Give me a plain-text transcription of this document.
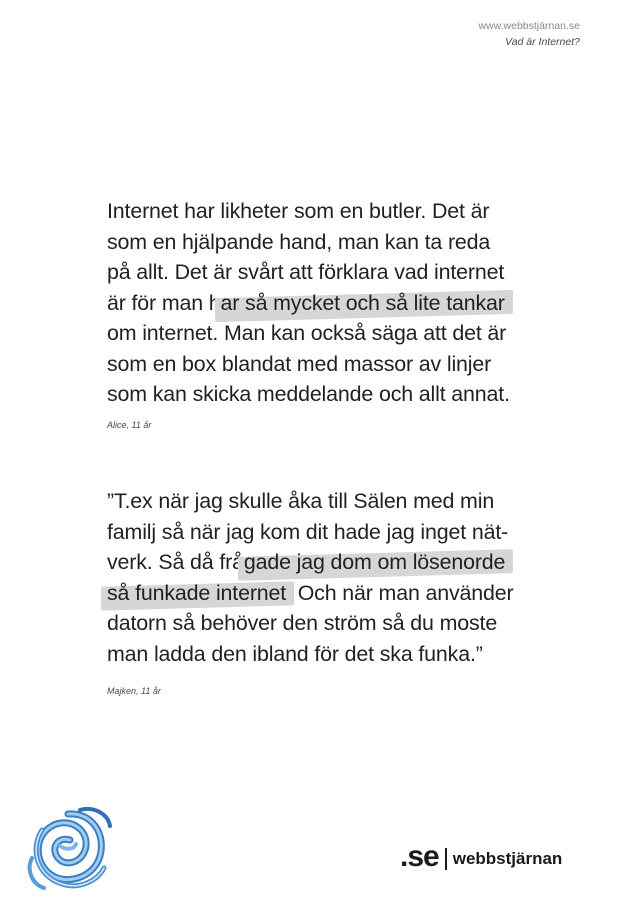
www.webbstjärnan.se
Vad är Internet?
Internet har likheter som en butler. Det är
som en hjälpande hand, man kan ta reda
på allt. Det är svårt att förklara vad internet
är för man har så mycket och så lite tankar
om internet. Man kan också säga att det är
som en box blandat med massor av linjer
som kan skicka meddelande och allt annat.
Alice, 11 år
”T.ex när jag skulle åka till Sälen med min
familj så när jag kom dit hade jag inget nät-
verk. Så då frågade jag dom om lösenorde
så funkade internet. Och när man använder
datorn så behöver den ström så du moste
man ladda den ibland för det ska funka.”
Majken, 11 år
.se webbstjärnan
